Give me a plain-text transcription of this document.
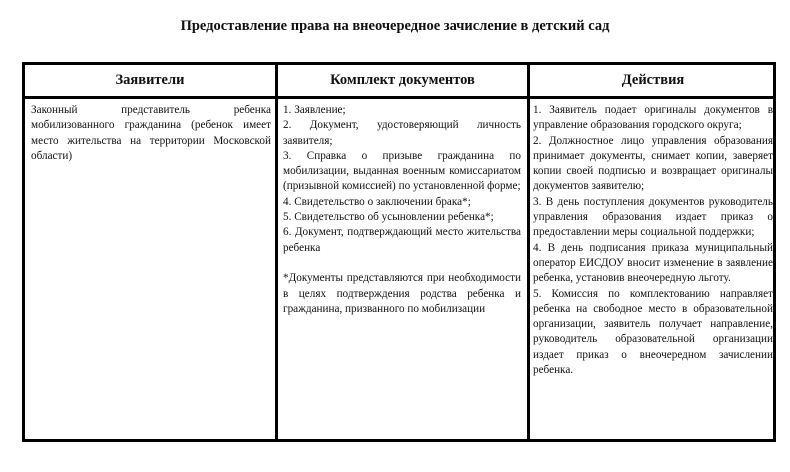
Предоставление права на внеочередное зачисление в детский сад
Заявители	Комплект документов	Действия

Законный представитель ребенка мобилизованного гражданина (ребенок имеет место жительства на территории Московской области)

1. Заявление;

2. Документ, удостоверяющий личность заявителя;

3. Справка о призыве гражданина по мобилизации, выданная военным комиссариатом (призывной комиссией) по установленной форме;

4. Свидетельство о заключении брака*;

5. Свидетельство об усыновлении ребенка*;

6. Документ, подтверждающий место жительства ребенка

*Документы представляются при необходимости в целях подтверждения родства ребенка и гражданина, призванного по мобилизации

1. Заявитель подает оригиналы документов в управление образования городского округа;

2. Должностное лицо управления образования принимает документы, снимает копии, заверяет копии своей подписью и возвращает оригиналы документов заявителю;

3. В день поступления документов руководитель управления образования издает приказ о предоставлении меры социальной поддержки;

4. В день подписания приказа муниципальный оператор ЕИСДОУ вносит изменение в заявление ребенка, установив внеочередную льготу.

5. Комиссия по комплектованию направляет ребенка на свободное место в образовательной организации, заявитель получает направление, руководитель образовательной организации издает приказ о внеочередном зачислении ребенка.
